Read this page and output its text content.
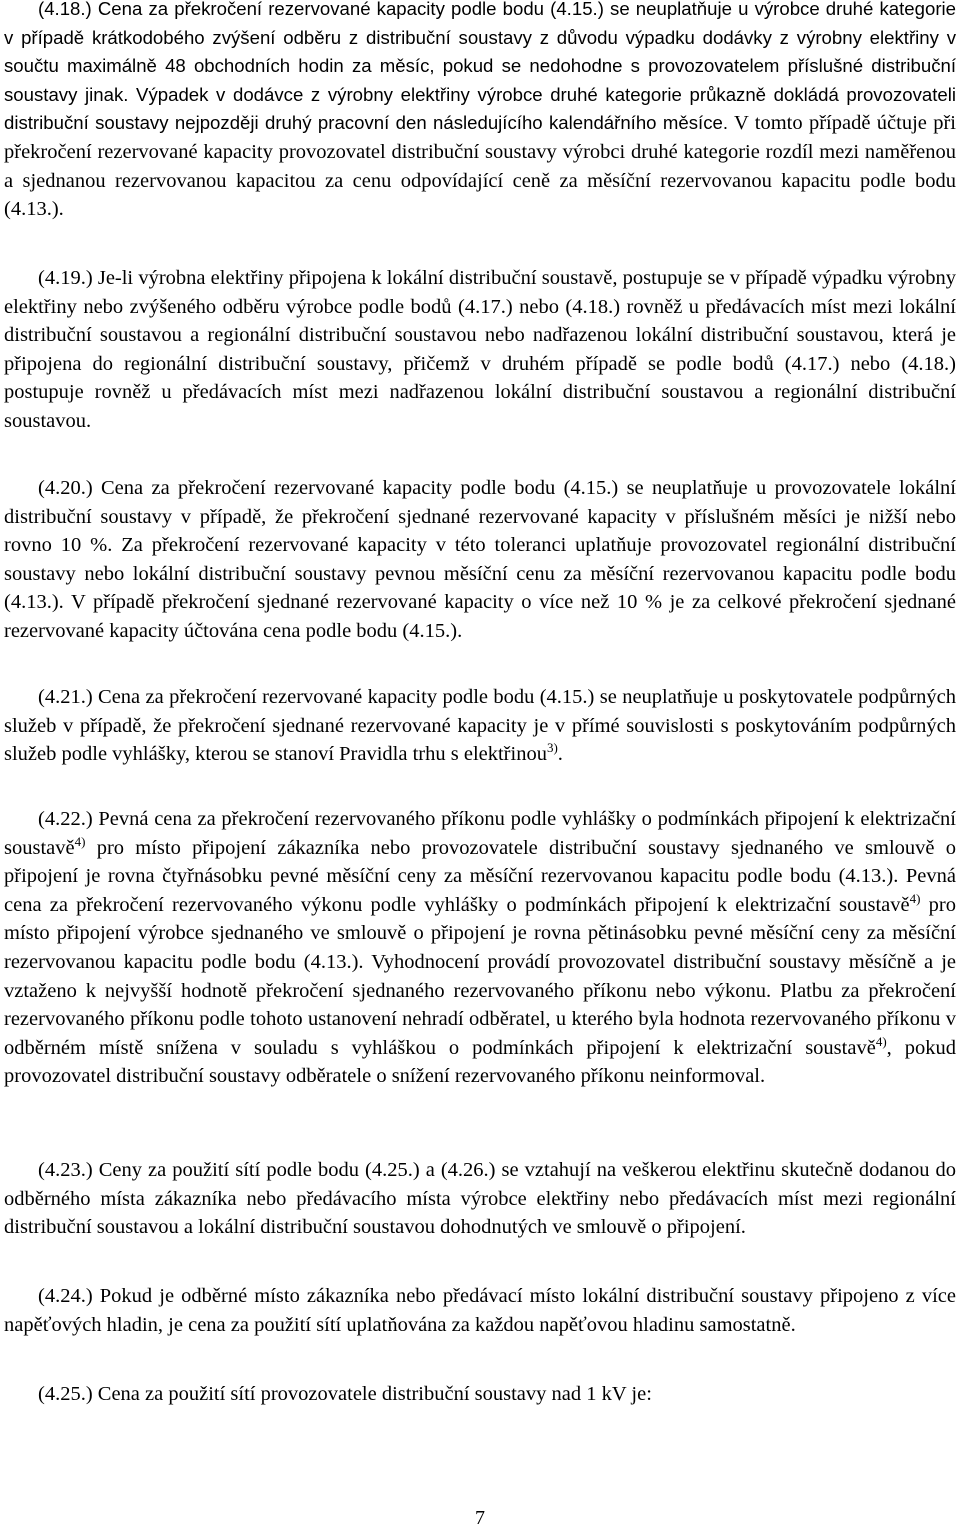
(4.18.) Cena za překročení rezervované kapacity podle bodu (4.15.) se neuplatňuje u výrobce druhé kategorie v případě krátkodobého zvýšení odběru z distribuční soustavy z důvodu výpadku dodávky z výrobny elektřiny v součtu maximálně 48 obchodních hodin za měsíc, pokud se nedohodne s provozovatelem příslušné distribuční soustavy jinak. Výpadek v dodávce z výrobny elektřiny výrobce druhé kategorie průkazně dokládá provozovateli distribuční soustavy nejpozději druhý pracovní den následujícího kalendářního měsíce. V tomto případě účtuje při překročení rezervované kapacity provozovatel distribuční soustavy výrobci druhé kategorie rozdíl mezi naměřenou a sjednanou rezervovanou kapacitou za cenu odpovídající ceně za měsíční rezervovanou kapacitu podle bodu (4.13.).

(4.19.) Je-li výrobna elektřiny připojena k lokální distribuční soustavě, postupuje se v případě výpadku výrobny elektřiny nebo zvýšeného odběru výrobce podle bodů (4.17.) nebo (4.18.) rovněž u předávacích míst mezi lokální distribuční soustavou a regionální distribuční soustavou nebo nadřazenou lokální distribuční soustavou, která je připojena do regionální distribuční soustavy, přičemž v druhém případě se podle bodů (4.17.) nebo (4.18.) postupuje rovněž u předávacích míst mezi nadřazenou lokální distribuční soustavou a regionální distribuční soustavou.

(4.20.) Cena za překročení rezervované kapacity podle bodu (4.15.) se neuplatňuje u provozovatele lokální distribuční soustavy v případě, že překročení sjednané rezervované kapacity v příslušném měsíci je nižší nebo rovno 10 %. Za překročení rezervované kapacity v této toleranci uplatňuje provozovatel regionální distribuční soustavy nebo lokální distribuční soustavy pevnou měsíční cenu za měsíční rezervovanou kapacitu podle bodu (4.13.). V případě překročení sjednané rezervované kapacity o více než 10 % je za celkové překročení sjednané rezervované kapacity účtována cena podle bodu (4.15.).

(4.21.) Cena za překročení rezervované kapacity podle bodu (4.15.) se neuplatňuje u poskytovatele podpůrných služeb v případě, že překročení sjednané rezervované kapacity je v přímé souvislosti s poskytováním podpůrných služeb podle vyhlášky, kterou se stanoví Pravidla trhu s elektřinou$^{3)}$.

(4.22.) Pevná cena za překročení rezervovaného příkonu podle vyhlášky o podmínkách připojení k elektrizační soustavě$^{4)}$ pro místo připojení zákazníka nebo provozovatele distribuční soustavy sjednaného ve smlouvě o připojení je rovna čtyřnásobku pevné měsíční ceny za měsíční rezervovanou kapacitu podle bodu (4.13.). Pevná cena za překročení rezervovaného výkonu podle vyhlášky o podmínkách připojení k elektrizační soustavě$^{4)}$ pro místo připojení výrobce sjednaného ve smlouvě o připojení je rovna pětinásobku pevné měsíční ceny za měsíční rezervovanou kapacitu podle bodu (4.13.). Vyhodnocení provádí provozovatel distribuční soustavy měsíčně a je vztaženo k nejvyšší hodnotě překročení sjednaného rezervovaného příkonu nebo výkonu. Platbu za překročení rezervovaného příkonu podle tohoto ustanovení nehradí odběratel, u kterého byla hodnota rezervovaného příkonu v odběrném místě snížena v souladu s vyhláškou o podmínkách připojení k elektrizační soustavě$^{4)}$, pokud provozovatel distribuční soustavy odběratele o snížení rezervovaného příkonu neinformoval.

(4.23.) Ceny za použití sítí podle bodu (4.25.) a (4.26.) se vztahují na veškerou elektřinu skutečně dodanou do odběrného místa zákazníka nebo předávacího místa výrobce elektřiny nebo předávacích míst mezi regionální distribuční soustavou a lokální distribuční soustavou dohodnutých ve smlouvě o připojení.

(4.24.) Pokud je odběrné místo zákazníka nebo předávací místo lokální distribuční soustavy připojeno z více napěťových hladin, je cena za použití sítí uplatňována za každou napěťovou hladinu samostatně.

(4.25.) Cena za použití sítí provozovatele distribuční soustavy nad 1 kV je:

7
